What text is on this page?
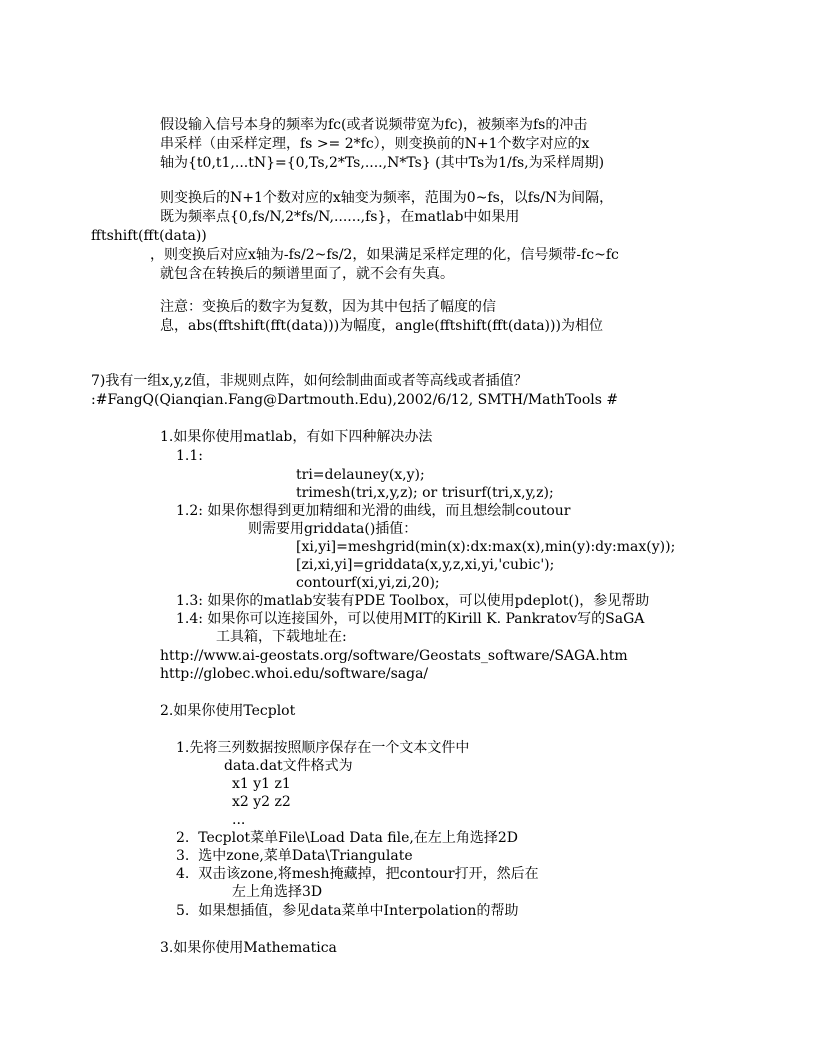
假设输入信号本身的频率为fc(或者说频带宽为fc)，被频率为fs的冲击

串采样（由采样定理，fs >= 2*fc），则变换前的N+1个数字对应的x

轴为{t0,t1,...tN}={0,Ts,2*Ts,....,N*Ts} (其中Ts为1/fs,为采样周期)

则变换后的N+1个数对应的x轴变为频率，范围为0~fs，以fs/N为间隔，

既为频率点{0,fs/N,2*fs/N,......,fs}，在matlab中如果用

fftshift(fft(data))

，则变换后对应x轴为-fs/2~fs/2，如果满足采样定理的化，信号频带-fc~fc

就包含在转换后的频谱里面了，就不会有失真。

注意：变换后的数字为复数，因为其中包括了幅度的信

息，abs(fftshift(fft(data)))为幅度，angle(fftshift(fft(data)))为相位

7)我有一组x,y,z值，非规则点阵，如何绘制曲面或者等高线或者插值？

:#FangQ(Qianqian.Fang@Dartmouth.Edu),2002/6/12, SMTH/MathTools #

1.如果你使用matlab，有如下四种解决办法

1.1:

tri=delauney(x,y);

trimesh(tri,x,y,z); or trisurf(tri,x,y,z);

1.2: 如果你想得到更加精细和光滑的曲线，而且想绘制coutour

则需要用griddata()插值：

[xi,yi]=meshgrid(min(x):dx:max(x),min(y):dy:max(y));

[zi,xi,yi]=griddata(x,y,z,xi,yi,'cubic');

contourf(xi,yi,zi,20);

1.3: 如果你的matlab安装有PDE Toolbox，可以使用pdeplot()，参见帮助

1.4: 如果你可以连接国外，可以使用MIT的Kirill K. Pankratov写的SaGA

工具箱，下载地址在:

http://www.ai-geostats.org/software/Geostats_software/SAGA.htm

http://globec.whoi.edu/software/saga/

2.如果你使用Tecplot

1.先将三列数据按照顺序保存在一个文本文件中

data.dat文件格式为

x1 y1 z1

x2 y2 z2

...

2.  Tecplot菜单File\Load Data file,在左上角选择2D

3.  选中zone,菜单Data\Triangulate

4.  双击该zone,将mesh掩藏掉，把contour打开，然后在

左上角选择3D

5.  如果想插值，参见data菜单中Interpolation的帮助

3.如果你使用Mathematica
